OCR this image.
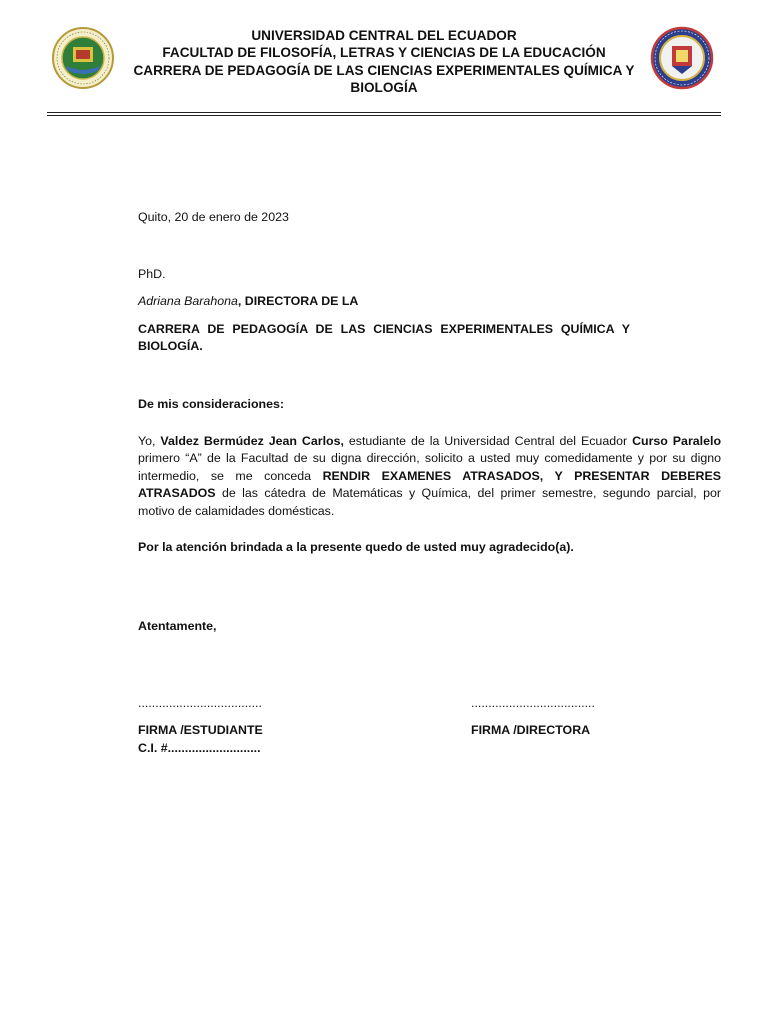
UNIVERSIDAD CENTRAL DEL ECUADOR
FACULTAD DE FILOSOFÍA, LETRAS Y CIENCIAS DE LA EDUCACIÓN
CARRERA DE PEDAGOGÍA DE LAS CIENCIAS EXPERIMENTALES QUÍMICA Y
BIOLOGÍA
Quito, 20 de enero de 2023
PhD.
Adriana Barahona, DIRECTORA DE LA
CARRERA DE PEDAGOGÍA DE LAS CIENCIAS EXPERIMENTALES QUÍMICA Y BIOLOGÍA.
De mis consideraciones:
Yo, Valdez Bermúdez Jean Carlos, estudiante de la Universidad Central del Ecuador Curso Paralelo primero “A” de la Facultad de su digna dirección, solicito a usted muy comedidamente y por su digno intermedio, se me conceda RENDIR EXAMENES ATRASADOS, Y PRESENTAR DEBERES ATRASADOS de las cátedra de Matemáticas y Química, del primer semestre, segundo parcial, por motivo de calamidades domésticas.
Por la atención brindada a la presente quedo de usted muy agradecido(a).
Atentamente,
....................................	....................................
FIRMA /ESTUDIANTE	FIRMA /DIRECTORA
C.I. #...........................
